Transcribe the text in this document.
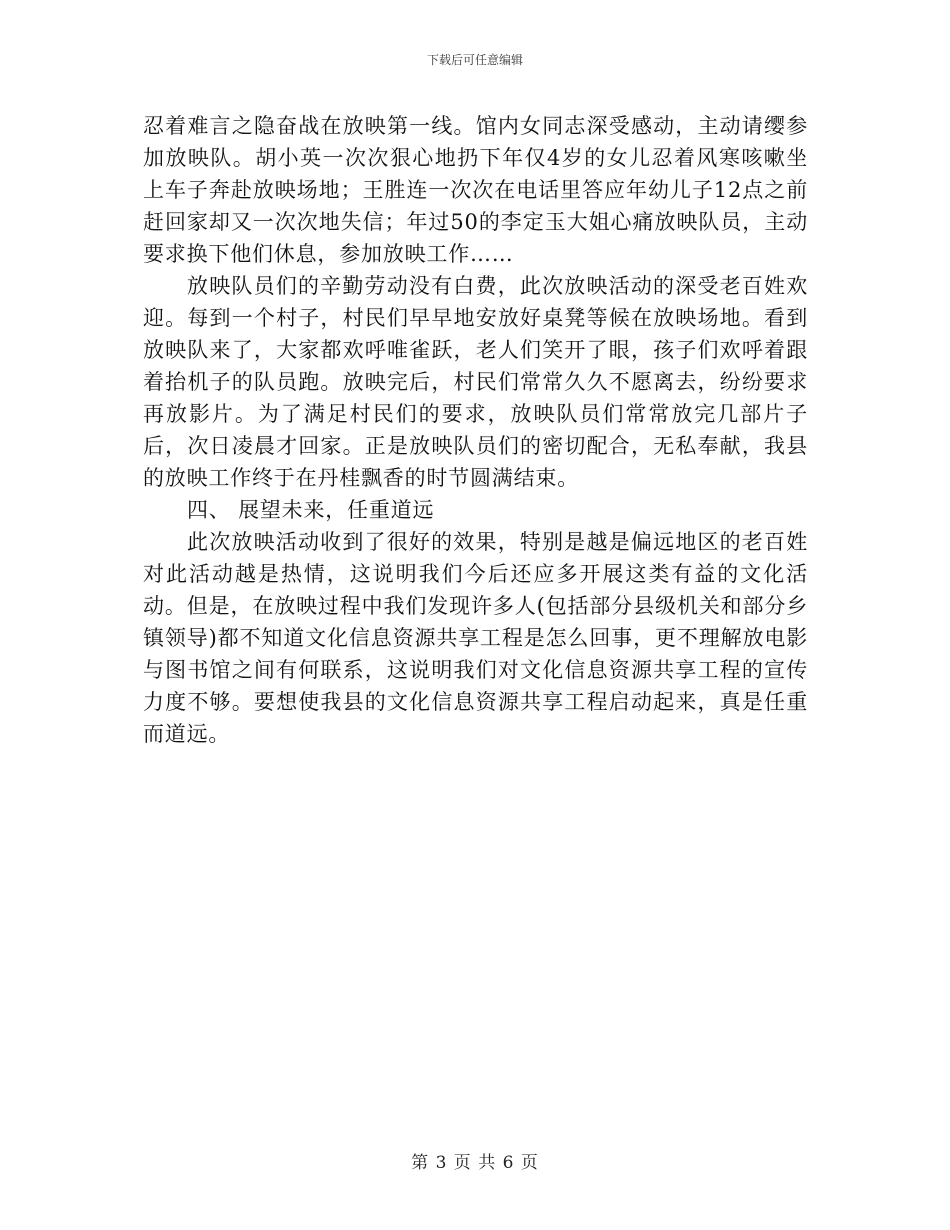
下载后可任意编辑

忍着难言之隐奋战在放映第一线。馆内女同志深受感动，主动请缨参加放映队。胡小英一次次狠心地扔下年仅4岁的女儿忍着风寒咳嗽坐上车子奔赴放映场地；王胜连一次次在电话里答应年幼儿子12点之前赶回家却又一次次地失信；年过50的李定玉大姐心痛放映队员，主动要求换下他们休息，参加放映工作……

放映队员们的辛勤劳动没有白费，此次放映活动的深受老百姓欢迎。每到一个村子，村民们早早地安放好桌凳等候在放映场地。看到放映队来了，大家都欢呼唯雀跃，老人们笑开了眼，孩子们欢呼着跟着抬机子的队员跑。放映完后，村民们常常久久不愿离去，纷纷要求再放影片。为了满足村民们的要求，放映队员们常常放完几部片子后，次日凌晨才回家。正是放映队员们的密切配合，无私奉献，我县的放映工作终于在丹桂飘香的时节圆满结束。

四、 展望未来，任重道远

此次放映活动收到了很好的效果，特别是越是偏远地区的老百姓对此活动越是热情，这说明我们今后还应多开展这类有益的文化活动。但是，在放映过程中我们发现许多人(包括部分县级机关和部分乡镇领导)都不知道文化信息资源共享工程是怎么回事，更不理解放电影与图书馆之间有何联系，这说明我们对文化信息资源共享工程的宣传力度不够。要想使我县的文化信息资源共享工程启动起来，真是任重而道远。

第 3 页 共 6 页
